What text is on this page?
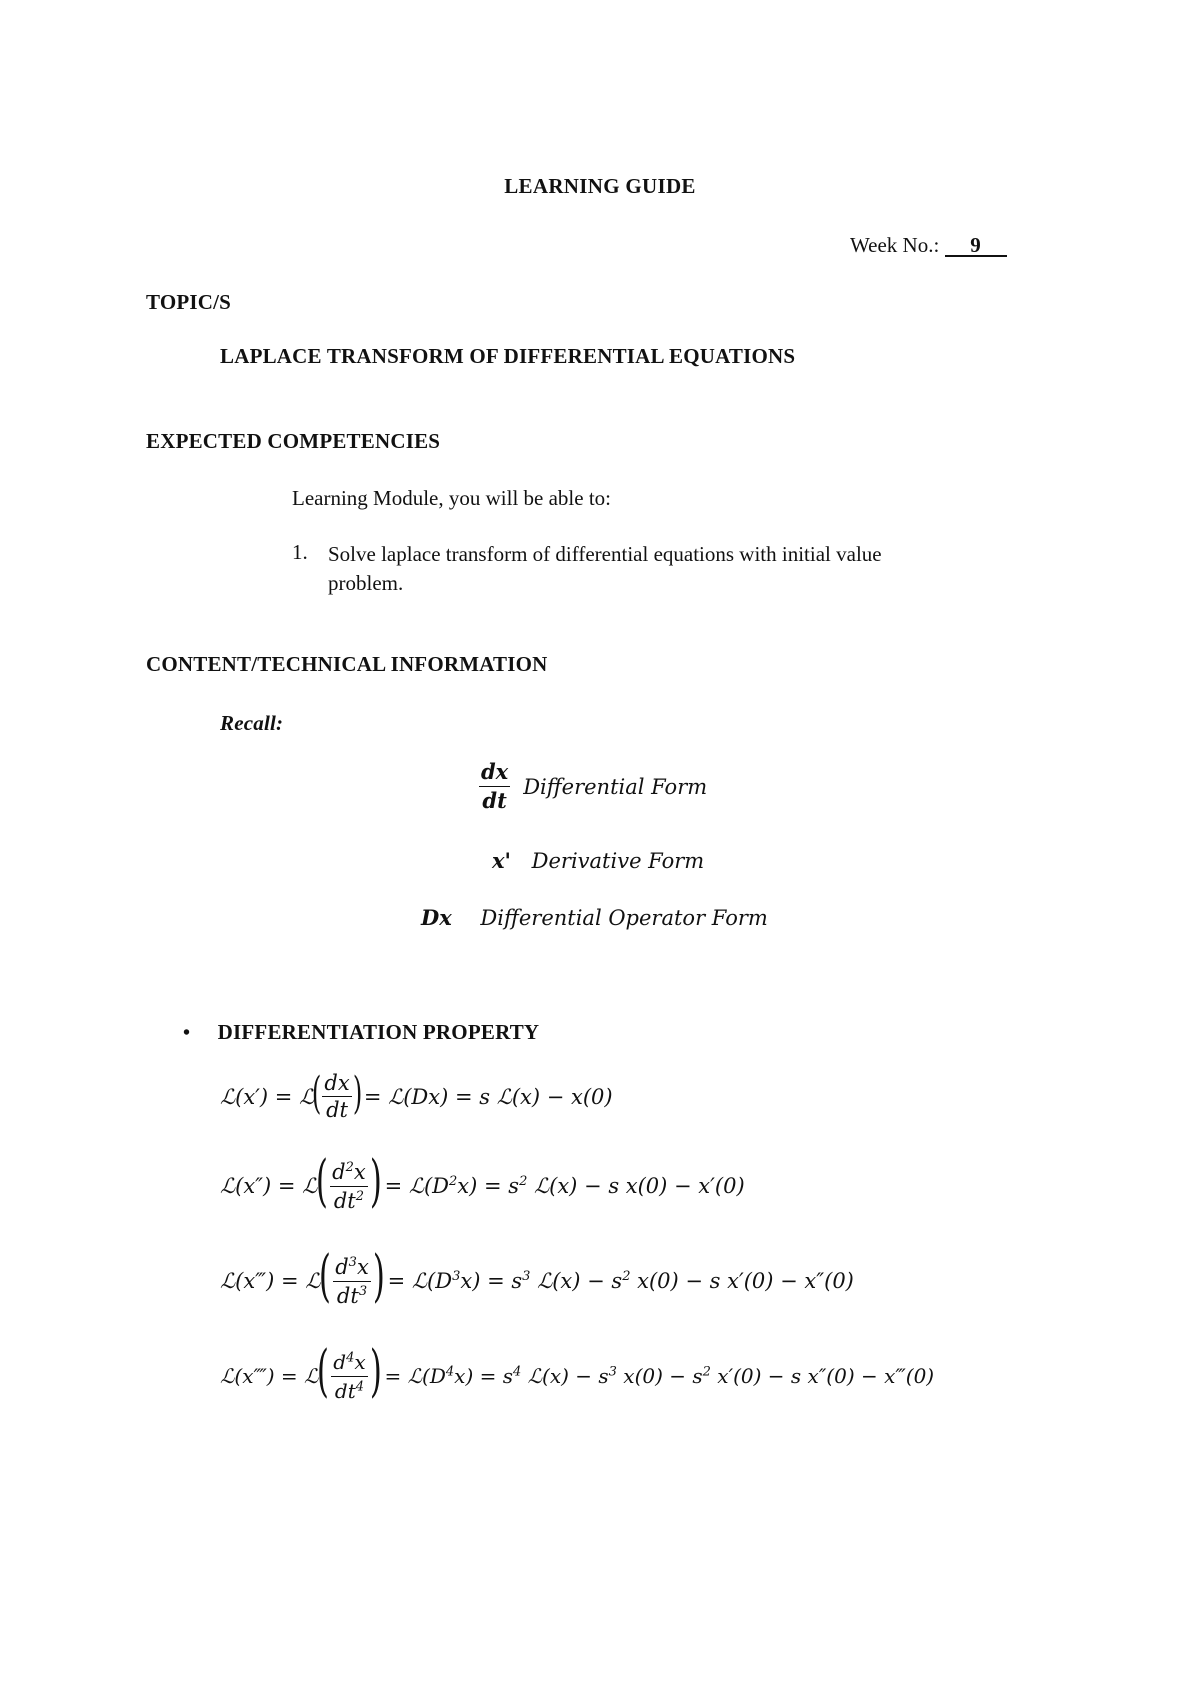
LEARNING GUIDE
Week No.: 9
TOPIC/S
LAPLACE TRANSFORM OF DIFFERENTIAL EQUATIONS
EXPECTED COMPETENCIES
Learning Module, you will be able to:
1. Solve laplace transform of differential equations with initial value
problem.
CONTENT/TECHNICAL INFORMATION
Recall:
$\frac{dx}{dt}$ Differential Form
x' Derivative Form
Dx Differential Operator Form
• DIFFERENTIATION PROPERTY
ℒ(x′) = ℒ
( $\frac{dx}{dt}$ ) = ℒ(Dx) = s ℒ(x) − x(0)
ℒ(x″) = ℒ
( $\frac{d^2x}{dt^2}$ ) = $ℒ(D^2x) = s^2$ ℒ(x) − s x(0) − x′(0)
ℒ(x‴) = ℒ
( $\frac{d^3x}{dt^3}$ ) = $ℒ(D^3x) = s^3$ ℒ(x) − $s^2$ x(0) − s x′(0) − x″(0)
ℒ(x⁗) = ℒ
( $\frac{d^4x}{dt^4}$ ) = $ℒ(D^4x) = s^4$ ℒ(x) − $s^3$ $x(0) - s^2$ x′(0) − s x″(0) − x‴(0)
